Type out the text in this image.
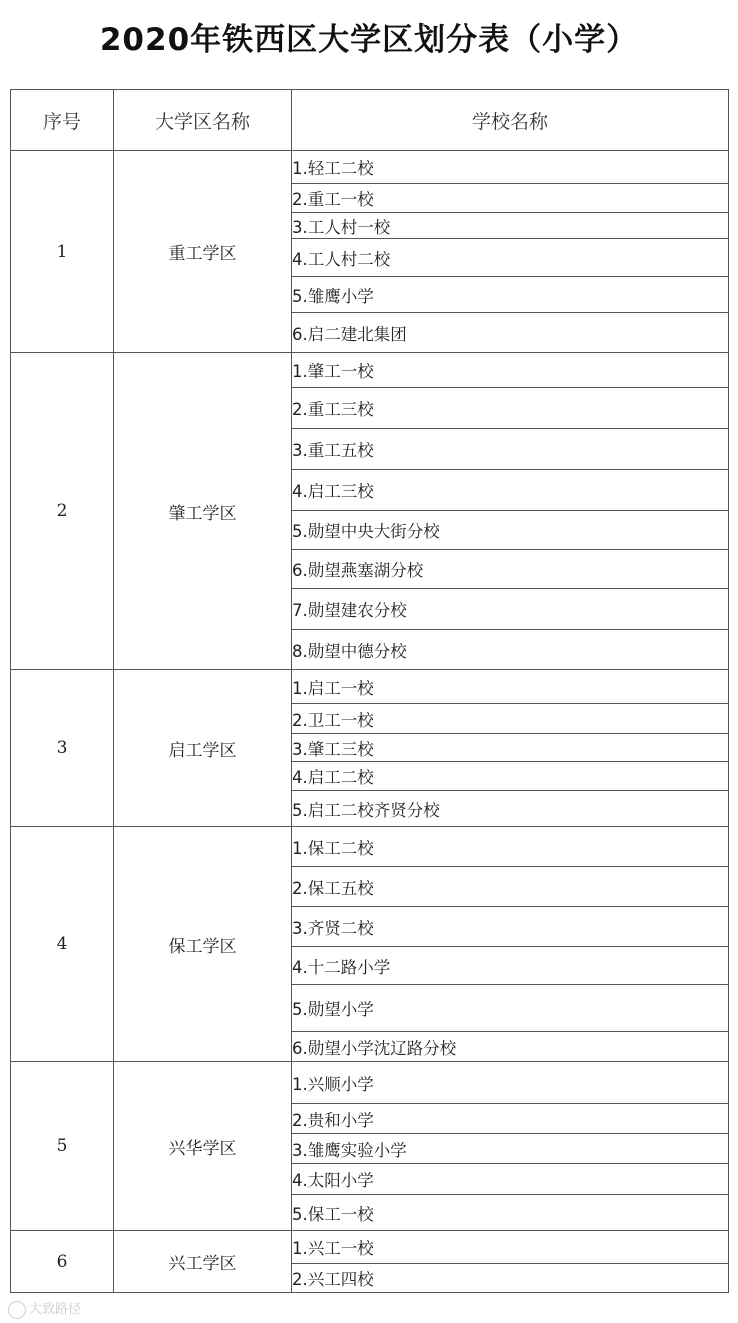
2020年铁西区大学区划分表（小学）
序号	大学区名称	学校名称
1	重工学区	1.轻工二校
		2.重工一校
		3.工人村一校
		4.工人村二校
		5.雏鹰小学
		6.启二建北集团
2	肇工学区	1.肇工一校
		2.重工三校
		3.重工五校
		4.启工三校
		5.勋望中央大街分校
		6.勋望燕塞湖分校
		7.勋望建农分校
		8.勋望中德分校
3	启工学区	1.启工一校
		2.卫工一校
		3.肇工三校
		4.启工二校
		5.启工二校齐贤分校
4	保工学区	1.保工二校
		2.保工五校
		3.齐贤二校
		4.十二路小学
		5.勋望小学
		6.勋望小学沈辽路分校
5	兴华学区	1.兴顺小学
		2.贵和小学
		3.雏鹰实验小学
		4.太阳小学
		5.保工一校
6	兴工学区	1.兴工一校
		2.兴工四校
大致路径
